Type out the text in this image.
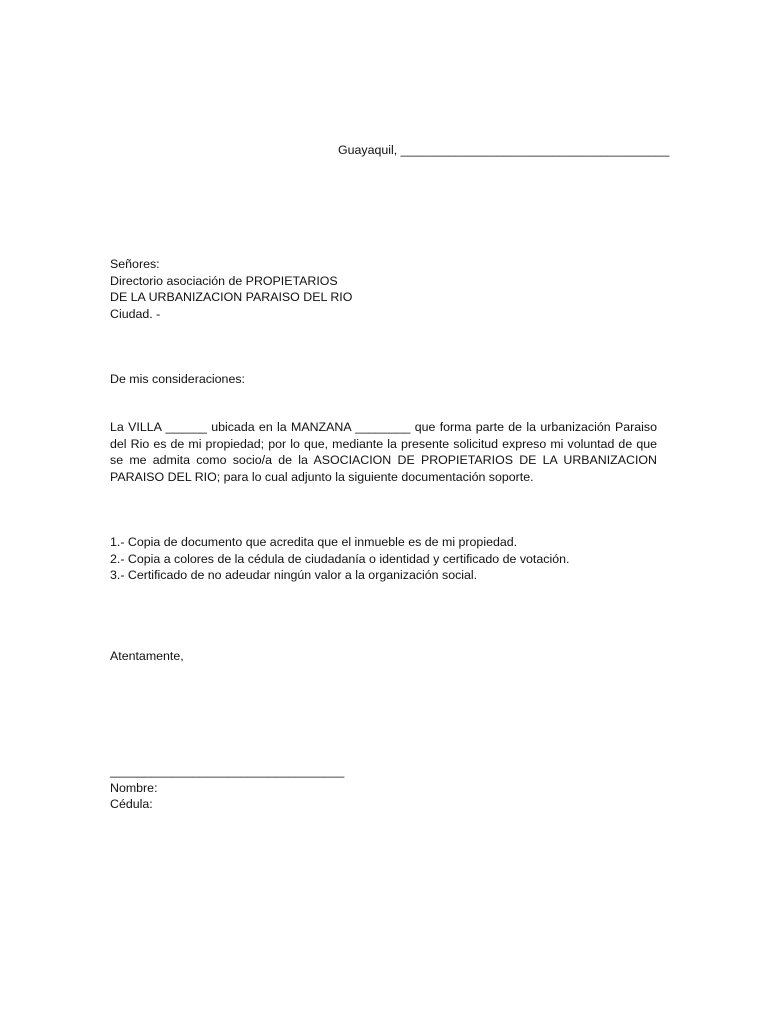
Guayaquil, _______________________________________
Señores:
Directorio asociación de PROPIETARIOS
DE LA URBANIZACION PARAISO DEL RIO
Ciudad. -
De mis consideraciones:
La VILLA ______ ubicada en la MANZANA ________ que forma parte de la urbanización Paraiso del Rio es de mi propiedad; por lo que, mediante la presente solicitud expreso mi voluntad de que se me admita como socio/a de la ASOCIACION DE PROPIETARIOS DE LA URBANIZACION PARAISO DEL RIO; para lo cual adjunto la siguiente documentación soporte.
1.- Copia de documento que acredita que el inmueble es de mi propiedad.
2.- Copia a colores de la cédula de ciudadanía o identidad y certificado de votación.
3.- Certificado de no adeudar ningún valor a la organización social.
Atentamente,
__________________________________
Nombre:
Cédula:
